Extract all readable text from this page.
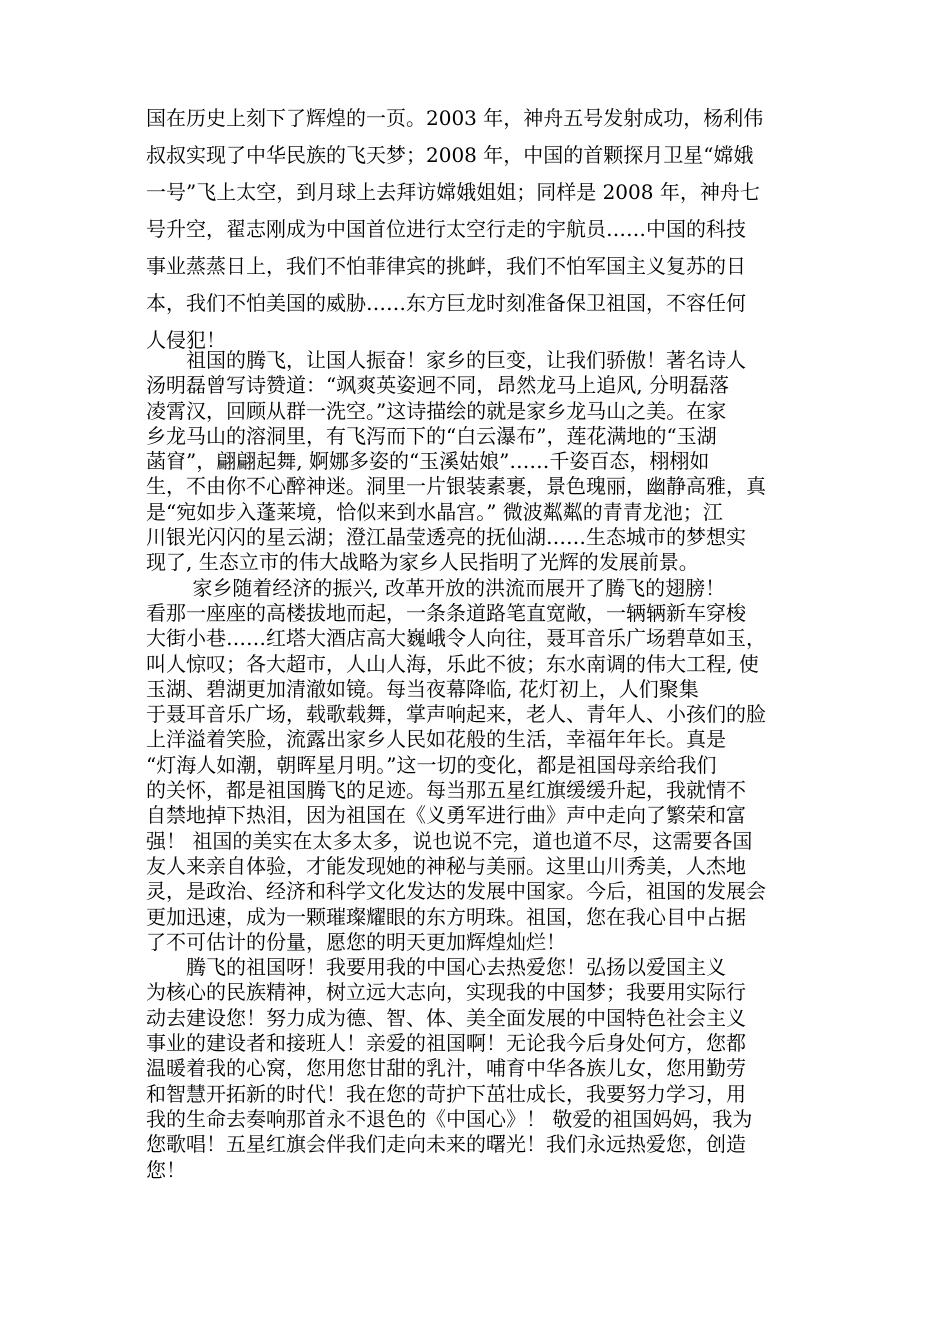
国在历史上刻下了辉煌的一页。2003 年，神舟五号发射成功，杨利伟
叔叔实现了中华民族的飞天梦；2008 年，中国的首颗探月卫星“嫦娥
一号”飞上太空，到月球上去拜访嫦娥姐姐；同样是 2008 年，神舟七
号升空，翟志刚成为中国首位进行太空行走的宇航员……中国的科技
事业蒸蒸日上，我们不怕菲律宾的挑衅，我们不怕军国主义复苏的日
本，我们不怕美国的威胁……东方巨龙时刻准备保卫祖国，不容任何
人侵犯！
　　祖国的腾飞，让国人振奋！家乡的巨变，让我们骄傲！著名诗人
汤明磊曾写诗赞道：“飒爽英姿迥不同，昂然龙马上追风, 分明磊落
凌霄汉，回顾从群一洗空。”这诗描绘的就是家乡龙马山之美。在家
乡龙马山的溶洞里，有飞泻而下的“白云瀑布”，莲花满地的“玉湖
菡窅”，翩翩起舞, 婀娜多姿的“玉溪姑娘”……千姿百态，栩栩如
生，不由你不心醉神迷。洞里一片银装素裹，景色瑰丽，幽静高雅，真
是“宛如步入蓬莱境，恰似来到水晶宫。” 微波粼粼的青青龙池；江
川银光闪闪的星云湖；澄江晶莹透亮的抚仙湖……生态城市的梦想实
现了, 生态立市的伟大战略为家乡人民指明了光辉的发展前景。
　　 家乡随着经济的振兴, 改革开放的洪流而展开了腾飞的翅膀！
看那一座座的高楼拔地而起，一条条道路笔直宽敞，一辆辆新车穿梭
大街小巷……红塔大酒店高大巍峨令人向往，聂耳音乐广场碧草如玉，
叫人惊叹；各大超市，人山人海，乐此不彼；东水南调的伟大工程, 使
玉湖、碧湖更加清澈如镜。每当夜幕降临, 花灯初上，人们聚集
于聂耳音乐广场，载歌载舞，掌声响起来，老人、青年人、小孩们的脸
上洋溢着笑脸，流露出家乡人民如花般的生活，幸福年年长。真是
“灯海人如潮，朝晖星月明。”这一切的变化，都是祖国母亲给我们
的关怀，都是祖国腾飞的足迹。每当那五星红旗缓缓升起，我就情不
自禁地掉下热泪，因为祖国在《义勇军进行曲》声中走向了繁荣和富
强！ 祖国的美实在太多太多，说也说不完，道也道不尽，这需要各国
友人来亲自体验，才能发现她的神秘与美丽。这里山川秀美，人杰地
灵，是政治、经济和科学文化发达的发展中国家。今后，祖国的发展会
更加迅速，成为一颗璀璨耀眼的东方明珠。祖国，您在我心目中占据
了不可估计的份量，愿您的明天更加辉煌灿烂！
　　腾飞的祖国呀！我要用我的中国心去热爱您！弘扬以爱国主义
为核心的民族精神，树立远大志向，实现我的中国梦；我要用实际行
动去建设您！努力成为德、智、体、美全面发展的中国特色社会主义
事业的建设者和接班人！亲爱的祖国啊！无论我今后身处何方，您都
温暖着我的心窝，您用您甘甜的乳汁，哺育中华各族儿女，您用勤劳
和智慧开拓新的时代！我在您的苛护下茁壮成长，我要努力学习，用
我的生命去奏响那首永不退色的《中国心》！ 敬爱的祖国妈妈，我为
您歌唱！五星红旗会伴我们走向未来的曙光！我们永远热爱您，创造
您！
